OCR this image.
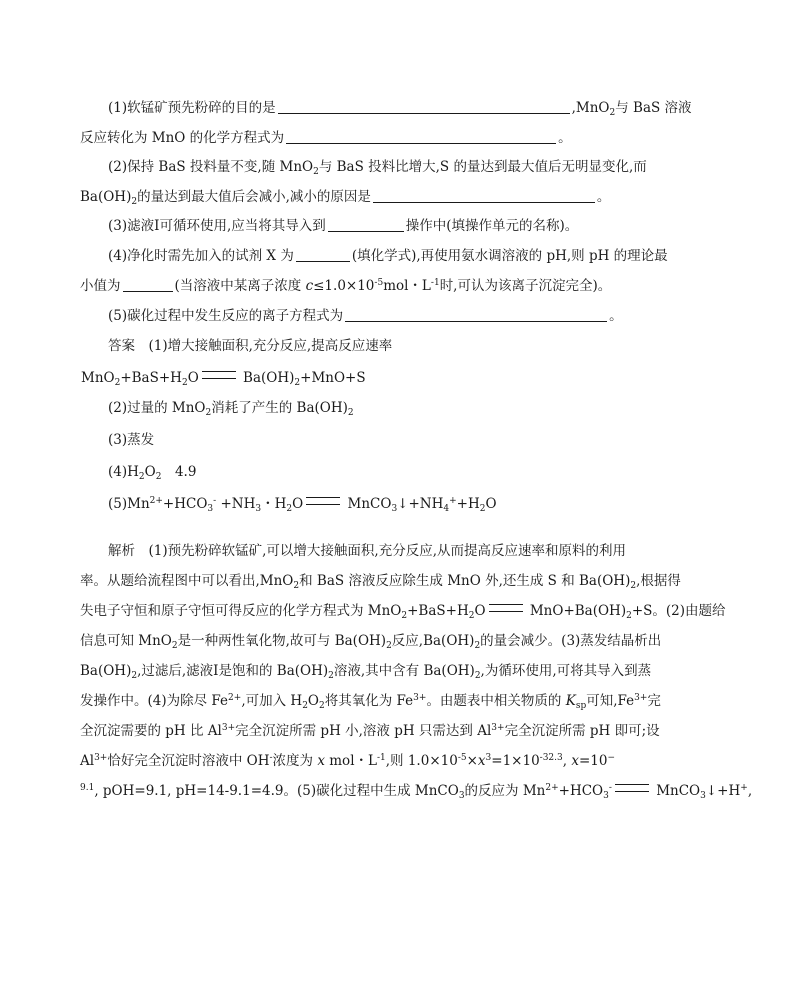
(1)软锰矿预先粉碎的目的是	,MnO$_2$与 BaS 溶液
反应转化为 MnO 的化学方程式为	。
(2)保持 BaS 投料量不变,随 MnO$_2$与 BaS 投料比增大,S 的量达到最大值后无明显变化,而
$Ba(OH)_2$的量达到最大值后会减小,减小的原因是	。
(3)滤液Ⅰ可循环使用,应当将其导入到	操作中(填操作单元的名称)。
(4)净化时需先加入的试剂 X 为	(填化学式),再使用氨水调溶液的 pH,则 pH 的理论最
小值为	(当溶液中某离子浓度 $c\le 1.0\times 10^{-5}mol$・$L^{-1}$时,可认为该离子沉淀完全)。
(5)碳化过程中发生反应的离子方程式为	。
答案　 (1)增大接触面积,充分反应,提高反应速率
$MnO_2+BaS+H_2O$	$Ba(OH)_2+MnO+S$
(2)过量的 MnO$_2$消耗了产生的 $Ba(OH)_2$
(3)蒸发
$(4)H_2O_2$　4.9
$(5)Mn^{2+}+HCO_3^- +NH_3$・$H_2O$	$MnCO_3↓+NH_4^++H_2O$
解析　 (1)预先粉碎软锰矿,可以增大接触面积,充分反应,从而提高反应速率和原料的利用
率。从题给流程图中可以看出,MnO$_2$和 BaS 溶液反应除生成 MnO 外,还生成 S 和 $Ba(OH)_2$,根据得
失电子守恒和原子守恒可得反应的化学方程式为 $MnO_2+BaS+H_2O$	$MnO+Ba(OH)_2+S$。(2)由题给
信息可知 MnO$_2$是一种两性氧化物,故可与 $Ba(OH)_2$反应$,Ba(OH)_2$的量会减少。(3)蒸发结晶析出
$Ba(OH)_2$,过滤后,滤液Ⅰ是饱和的 $Ba(OH)_2$溶液,其中含有 $Ba(OH)_2$,为循环使用,可将其导入到蒸
发操作中。(4)为除尽 $Fe^{2+}$,可加入 $H_2O_2$将其氧化为 $Fe^{3+}$。由题表中相关物质的 $K_{sp}$可知$,Fe^{3+}$完
全沉淀需要的 pH 比 $Al^{3+}$完全沉淀所需 pH 小,溶液 pH 只需达到 $Al^{3+}$完全沉淀所需 pH 即可;设
$Al^{3+}$恰好完全沉淀时溶液中 OH-浓度为 x mol・$L^{-1}$,则 $1.0\times 10^{-5}\times x^3=1\times 10^{-32.3}$, x=10−
$^{9.1}$, pOH=9.1, pH=14-9.1=4.9。(5)碳化过程中生成 MnCO$_3$的反应为 $Mn^{2+}+HCO_3^-$	MnCO$_3$↓+H+,
